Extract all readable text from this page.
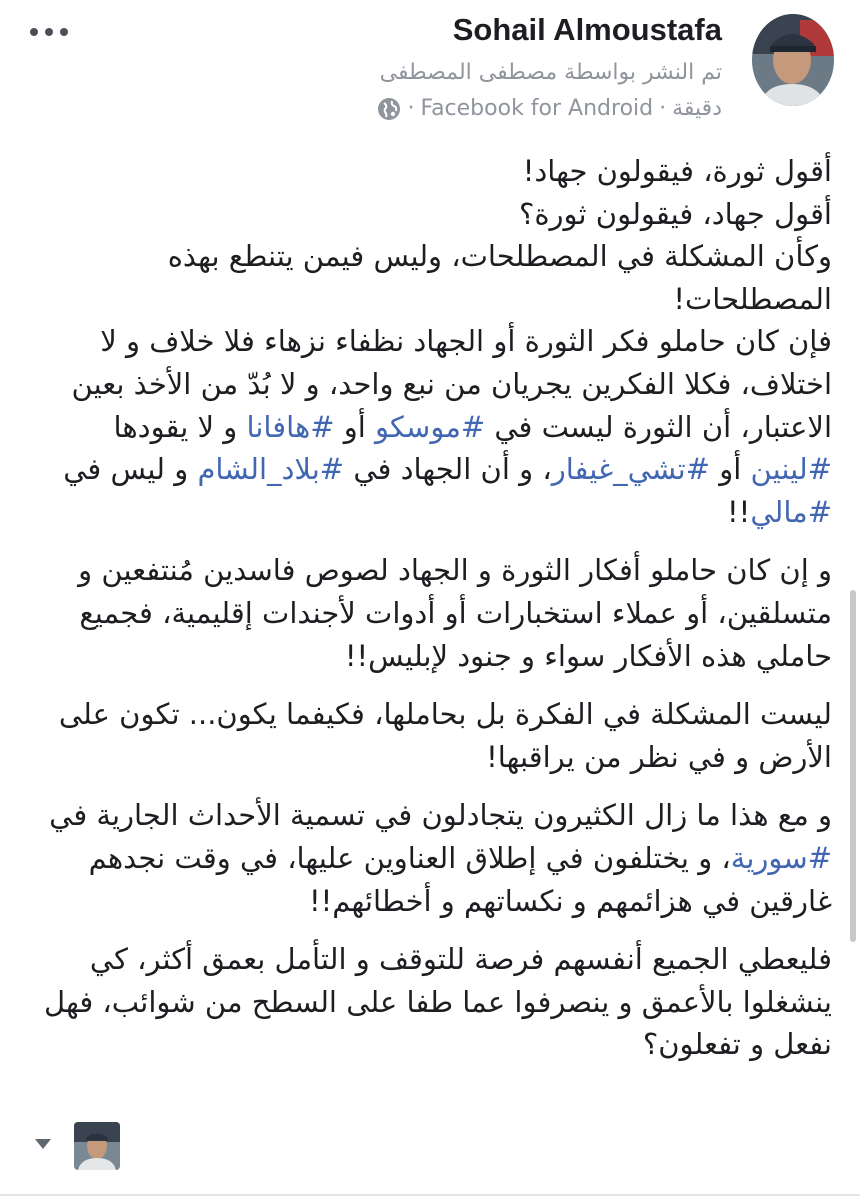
Sohail Almoustafa
تم النشر بواسطة مصطفى المصطفى
· Facebook for Android · دقيقة

أقول ثورة، فيقولون جهاد!
أقول جهاد، فيقولون ثورة؟
وكأن المشكلة في المصطلحات، وليس فيمن يتنطع بهذه المصطلحات!
فإن كان حاملو فكر الثورة أو الجهاد نظفاء نزهاء فلا خلاف و لا اختلاف، فكلا الفكرين يجريان من نبع واحد، و لا بُدّ من الأخذ بعين الاعتبار، أن الثورة ليست في #موسكو أو #هافانا و لا يقودها #لينين أو #تشي_غيفار، و أن الجهاد في #بلاد_الشام و ليس في #مالي!!

و إن كان حاملو أفكار الثورة و الجهاد لصوص فاسدين مُنتفعين و متسلقين، أو عملاء استخبارات أو أدوات لأجندات إقليمية، فجميع حاملي هذه الأفكار سواء و جنود لإبليس!!

ليست المشكلة في الفكرة بل بحاملها، فكيفما يكون... تكون على الأرض و في نظر من يراقبها!

و مع هذا ما زال الكثيرون يتجادلون في تسمية الأحداث الجارية في #سورية، و يختلفون في إطلاق العناوين عليها، في وقت نجدهم غارقين في هزائمهم و نكساتهم و أخطائهم!!

فليعطي الجميع أنفسهم فرصة للتوقف و التأمل بعمق أكثر، كي ينشغلوا بالأعمق و ينصرفوا عما طفا على السطح من شوائب، فهل نفعل و تفعلون؟
